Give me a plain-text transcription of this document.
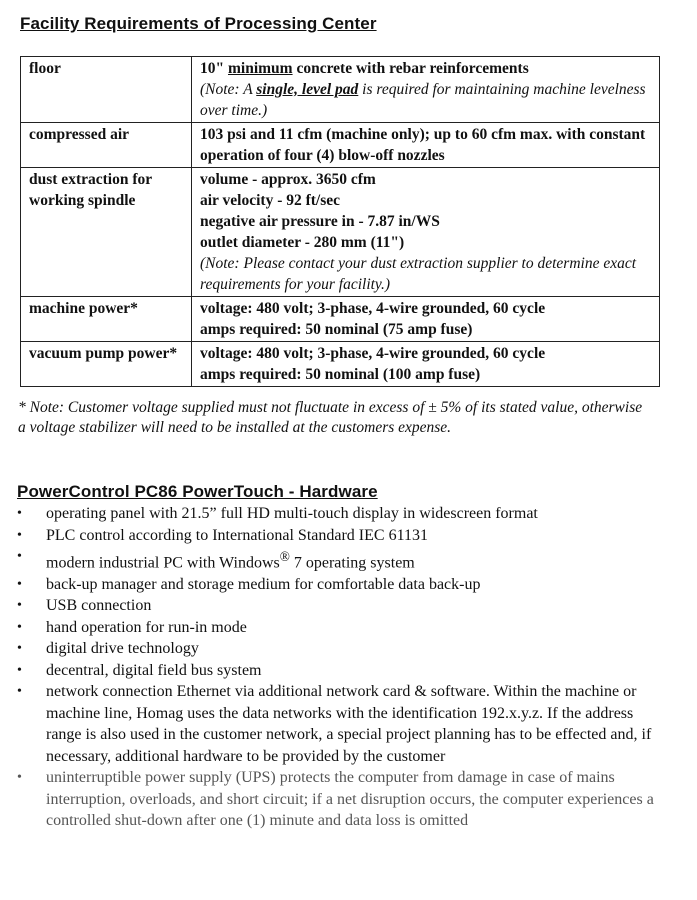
Facility Requirements of Processing Center
floor	10" minimum concrete with rebar reinforcements
(Note: A single, level pad is required for maintaining machine levelness over time.)
compressed air	103 psi and 11 cfm (machine only); up to 60 cfm max. with constant operation of four (4) blow-off nozzles
dust extraction for working spindle	volume - approx. 3650 cfm
air velocity - 92 ft/sec
negative air pressure in - 7.87 in/WS
outlet diameter - 280 mm (11")
(Note: Please contact your dust extraction supplier to determine exact requirements for your facility.)
machine power*	voltage: 480 volt; 3-phase, 4-wire grounded, 60 cycle
amps required: 50 nominal (75 amp fuse)
vacuum pump power*	voltage: 480 volt; 3-phase, 4-wire grounded, 60 cycle
amps required: 50 nominal (100 amp fuse)
* Note: Customer voltage supplied must not fluctuate in excess of ± 5% of its stated value, otherwise a voltage stabilizer will need to be installed at the customers expense.
PowerControl PC86 PowerTouch - Hardware
• operating panel with 21.5” full HD multi-touch display in widescreen format
• PLC control according to International Standard IEC 61131
• modern industrial PC with Windows® 7 operating system
• back-up manager and storage medium for comfortable data back-up
• USB connection
• hand operation for run-in mode
• digital drive technology
• decentral, digital field bus system
• network connection Ethernet via additional network card & software. Within the machine or machine line, Homag uses the data networks with the identification 192.x.y.z. If the address range is also used in the customer network, a special project planning has to be effected and, if necessary, additional hardware to be provided by the customer
• uninterruptible power supply (UPS) protects the computer from damage in case of mains interruption, overloads, and short circuit; if a net disruption occurs, the computer experiences a controlled shut-down after one (1) minute and data loss is omitted
